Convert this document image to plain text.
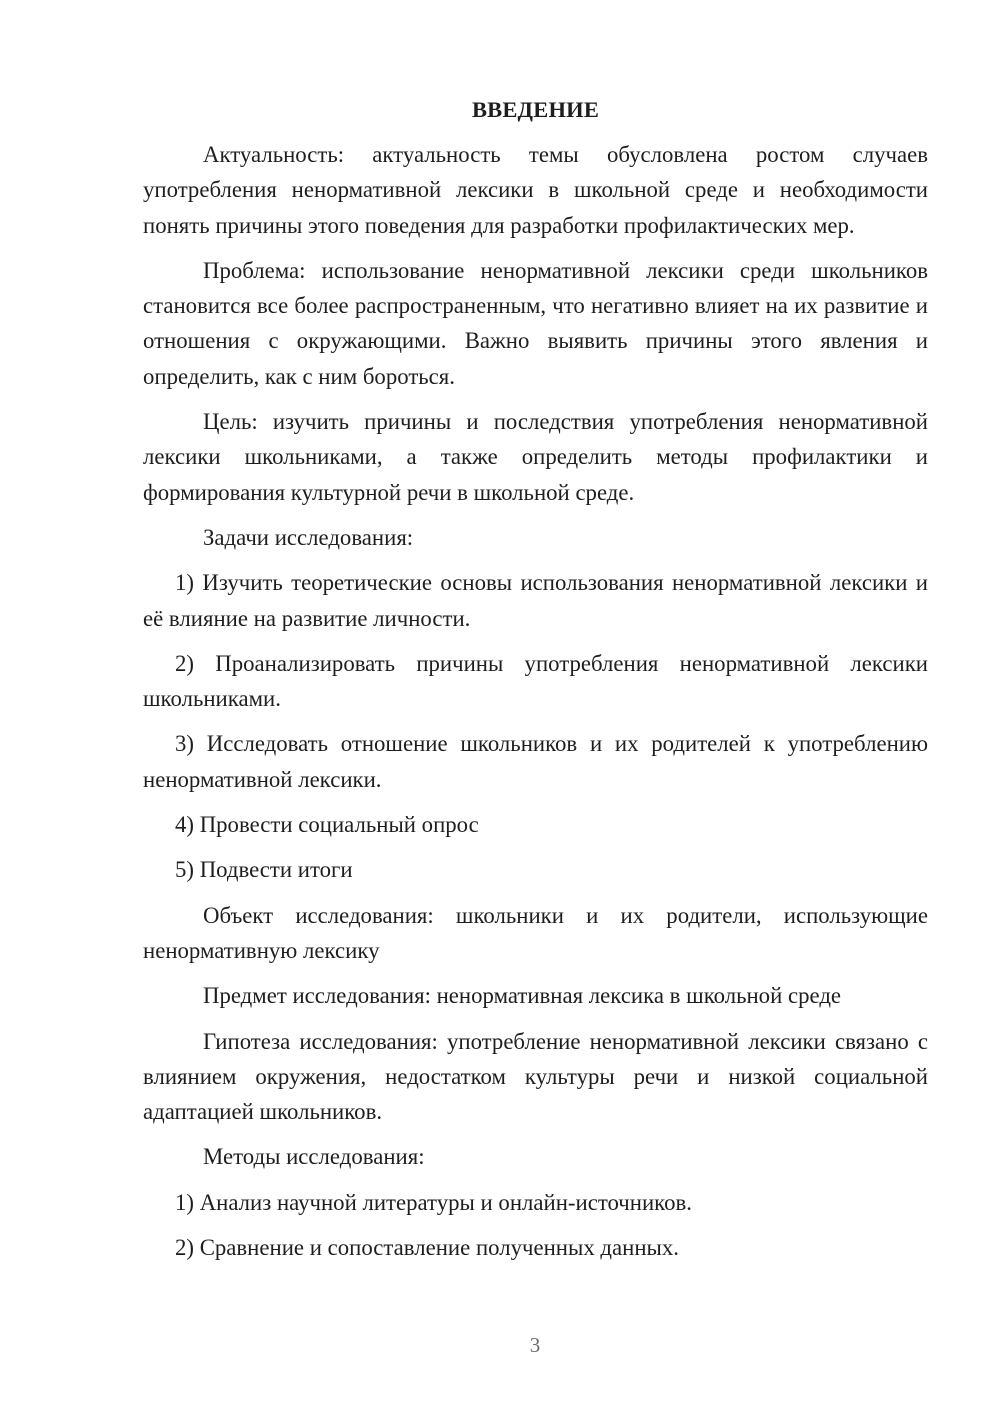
ВВЕДЕНИЕ

Актуальность: актуальность темы обусловлена ростом случаев употребления ненормативной лексики в школьной среде и необходимости понять причины этого поведения для разработки профилактических мер.

Проблема: использование ненормативной лексики среди школьников становится все более распространенным, что негативно влияет на их развитие и отношения с окружающими. Важно выявить причины этого явления и определить, как с ним бороться.

Цель: изучить причины и последствия употребления ненормативной лексики школьниками, а также определить методы профилактики и формирования культурной речи в школьной среде.

Задачи исследования:

1) Изучить теоретические основы использования ненормативной лексики и её влияние на развитие личности.

2) Проанализировать причины употребления ненормативной лексики школьниками.

3) Исследовать отношение школьников и их родителей к употреблению ненормативной лексики.

4) Провести социальный опрос

5) Подвести итоги

Объект исследования: школьники и их родители, использующие ненормативную лексику

Предмет исследования: ненормативная лексика в школьной среде

Гипотеза исследования: употребление ненормативной лексики связано с влиянием окружения, недостатком культуры речи и низкой социальной адаптацией школьников.

Методы исследования:

1) Анализ научной литературы и онлайн-источников.

2) Сравнение и сопоставление полученных данных.

3
